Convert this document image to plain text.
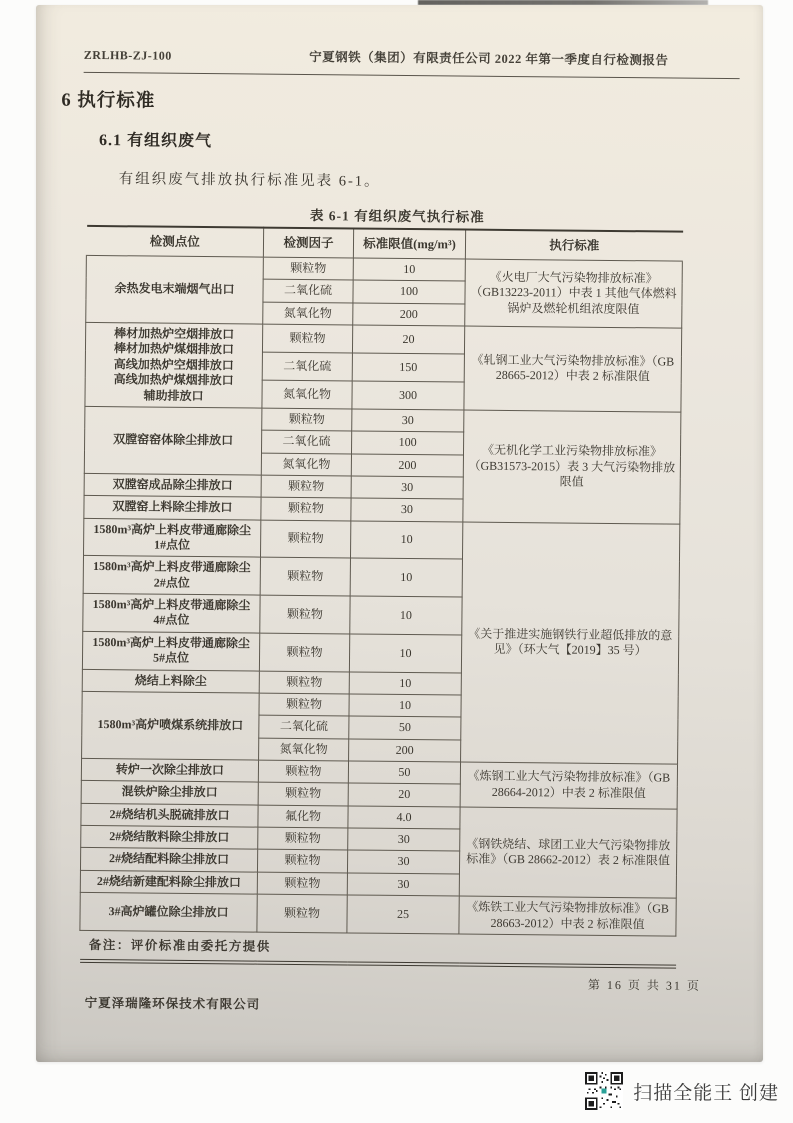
ZRLHB-ZJ-100	宁夏钢铁（集团）有限责任公司 2022 年第一季度自行检测报告
6 执行标准
6.1 有组织废气
有组织废气排放执行标准见表 6-1。
表 6-1 有组织废气执行标准
检测点位	检测因子	标准限值(mg/m³)	执行标准
余热发电末端烟气出口	颗粒物	10	《火电厂大气污染物排放标准》（GB13223-2011）中表 1 其他气体燃料锅炉及燃轮机组浓度限值
	二氧化硫	100	
	氮氧化物	200	
棒材加热炉空烟排放口
棒材加热炉煤烟排放口
高线加热炉空烟排放口
高线加热炉煤烟排放口
辅助排放口	颗粒物	20	《轧钢工业大气污染物排放标准》（GB 28665-2012）中表 2 标准限值
	二氧化硫	150	
	氮氧化物	300	
双膛窑窑体除尘排放口	颗粒物	30	《无机化学工业污染物排放标准》（GB31573-2015）表 3 大气污染物排放限值
	二氧化硫	100	
	氮氧化物	200	
双膛窑成品除尘排放口	颗粒物	30	
双膛窑上料除尘排放口	颗粒物	30	
1580m³高炉上料皮带通廊除尘 1#点位	颗粒物	10	《关于推进实施钢铁行业超低排放的意见》（环大气【2019】35 号）
1580m³高炉上料皮带通廊除尘 2#点位	颗粒物	10	
1580m³高炉上料皮带通廊除尘 4#点位	颗粒物	10	
1580m³高炉上料皮带通廊除尘 5#点位	颗粒物	10	
烧结上料除尘	颗粒物	10	
1580m³高炉喷煤系统排放口	颗粒物	10	
	二氧化硫	50	
	氮氧化物	200	
转炉一次除尘排放口	颗粒物	50	《炼钢工业大气污染物排放标准》（GB 28664-2012）中表 2 标准限值
混铁炉除尘排放口	颗粒物	20	
2#烧结机头脱硫排放口	氟化物	4.0	《钢铁烧结、球团工业大气污染物排放标准》（GB 28662-2012）表 2 标准限值
2#烧结散料除尘排放口	颗粒物	30	
2#烧结配料除尘排放口	颗粒物	30	
2#烧结新建配料除尘排放口	颗粒物	30	
3#高炉罐位除尘排放口	颗粒物	25	《炼铁工业大气污染物排放标准》（GB 28663-2012）中表 2 标准限值
备注：评价标准由委托方提供			
第 16 页 共 31 页
宁夏泽瑞隆环保技术有限公司
扫描全能王 创建
